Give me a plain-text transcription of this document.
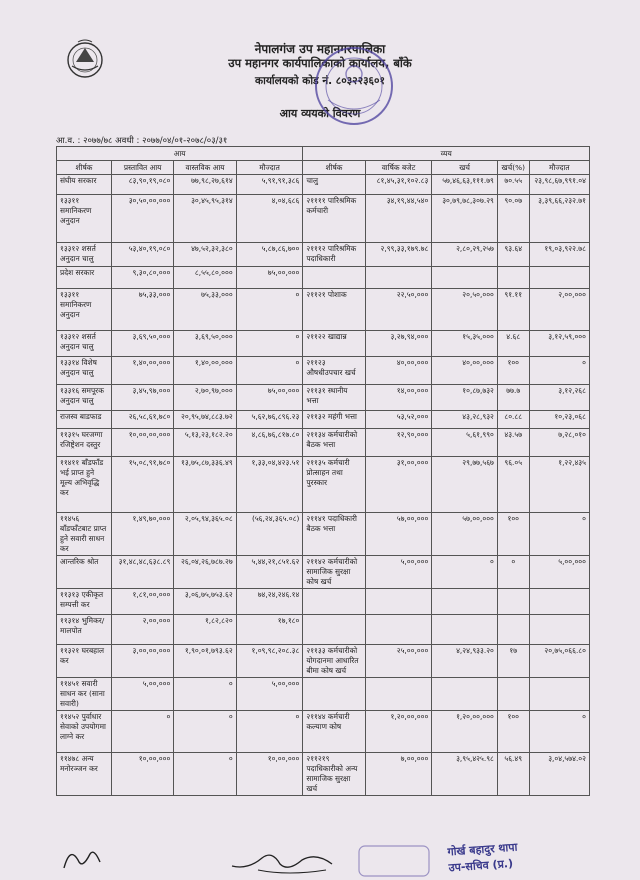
नेपालगंज उप महानगरपालिका
उप महानगर कार्यपालिकाको कार्यालय, बाँके
कार्यालयको कोड नं. ८०३२२३६०१
आय व्ययको विवरण
आ.व. : २०७७/७८ अवधी : २०७७/०४/०१-२०७८/०३/३१
आय				व्यय				
शीर्षक	प्रस्तावित आय	वास्तविक आय	मौज्दात	शीर्षक	वार्षिक बजेट	खर्च	खर्च(%)	मौज्दात
संघीय सरकार	८३,९०,१९,०८०	७७,९८,२७,६१४	५,९१,९१,३८६	चालु	८१,४५,३१,१०२.८३	५७,४६,६३,१११.७९	७०.५५	२३,९८,६७,९९१.०४
१३३११ समानिकरण अनुदान	३०,५०,००,०००	३०,४५,९५,३१४	४,०४,६८६	२११११ पारिश्रमिक कर्मचारी	३४,१९,४४,५४०	३०,७९,७८,३०७.२९	९०.०७	३,३९,६६,२३२.७१
१३३१२ शसर्त अनुदान चालु	५३,४०,१९,०८०	४७,५२,३२,३८०	५,८७,८६,७००	२१११२ पारिश्रमिक पदाधिकारी	२,९९,३३,१७९.७८	२,८०,२९,२५७	९३.६४	१९,०३,९२२.७८
प्रदेश सरकार	९,३०,८०,०००	८,५५,८०,०००	७५,००,०००					
१३३११ समानिकरण अनुदान	७५,३३,०००	७५,३३,०००	०	२११२१ पोशाक	२२,५०,०००	२०,५०,०००	९१.११	२,००,०००
१३३१२ शसर्त अनुदान चालु	३,६९,५०,०००	३,६९,५०,०००	०	२११२२ खाद्यान्न	३,२७,९४,०००	१५,३५,०००	४.६८	३,१२,५९,०००
१३३१४ विशेष अनुदान चालु	१,४०,००,०००	१,४०,००,०००	०	२११२३ औषधीउपचार खर्च	४०,००,०००	४०,००,०००	१००	०
१३३१६ समपूरक अनुदान चालु	३,४५,९७,०००	२,७०,९७,०००	७५,००,०००	२११३१ स्थानीय भत्ता	१४,००,०००	१०,८७,७३२	७७.७	३,१२,२६८
राजस्व बाडफाड	२६,५८,६१,७८०	२०,९५,७४,८८३.७२	५,६२,७६,८९६.२३	२११३२ महंगी भत्ता	५३,५२,०००	४३,२८,९३२	८०.८८	१०,२३,०६८
११३१५ घरजग्गा रजिष्ट्रेशन दस्तुर	१०,००,००,०००	५,१३,२३,१८२.२०	४,८६,७६,८१७.८०	२११३४ कर्मचारीको बैठक भत्ता	१२,९०,०००	५,६१,९९०	४३.५७	७,२८,०१०
११४११ बाँडफाँड भई प्राप्त हुने मूल्य अभिवृद्धि कर	१५,०८,९१,७८०	१३,७५,८७,३३६.४९	१,३३,०४,४२३.५१	२११३५ कर्मचारी प्रोत्साहन तथा पुरस्कार	३१,००,०००	२९,७७,५६७	९६.०५	१,२२,४३५
११४५६ बाँडफाँटबाट प्राप्त हुने सवारी साधन कर	१,४९,७०,०००	२,०५,९४,३६५.०८	(५६,२४,३६५.०८)	२११४१ पदाधिकारी बैठक भत्ता	५७,००,०००	५७,००,०००	१००	०
आन्तरिक श्रोत	३१,४८,४८,६३८.८९	२६,०४,२६,७८७.२७	५,४४,२१,८५१.६२	२११४२ कर्मचारीको सामाजिक सुरक्षा कोष खर्च	५,००,०००	०	०	५,००,०००
११३१३ एकीकृत सम्पत्ती कर	१,८१,००,०००	३,०६,७५,७५३.६२	७४,२४,२४६.१४					
११३१४ भुमिकर/मालपोत	२,००,०००	१,८२,८२०	१७,१८०					
११३२१ घरबहाल कर	३,००,००,०००	१,९०,०१,७९३.६२	१,०९,९८,२०८.३८	२११३३ कर्मचारीको योगदानमा आधारित बीमा कोष खर्च	२५,००,०००	४,२४,९३३.२०	१७	२०,७५,०६६.८०
११४५१ सवारी साधन कर (साना सवारी)	५,००,०००	०	५,००,०००					
११४५२ पुर्वाधार सेवाको उपयोगमा लाग्ने कर	०	०	०	२११४४ कर्मचारी कल्याण कोष	१,२०,००,०००	१,२०,००,०००	१००	०
११४७८ अन्य मनोरञ्जन कर	१०,००,०००	०	१०,००,०००	२११२१९ पदाधिकारीको अन्य सामाजिक सुरक्षा खर्च	७,००,०००	३,९५,४२५.९८	५६.४९	३,०४,५७४.०२
गोर्ख बहादुर थापा
उप-सचिव (प्र.)
